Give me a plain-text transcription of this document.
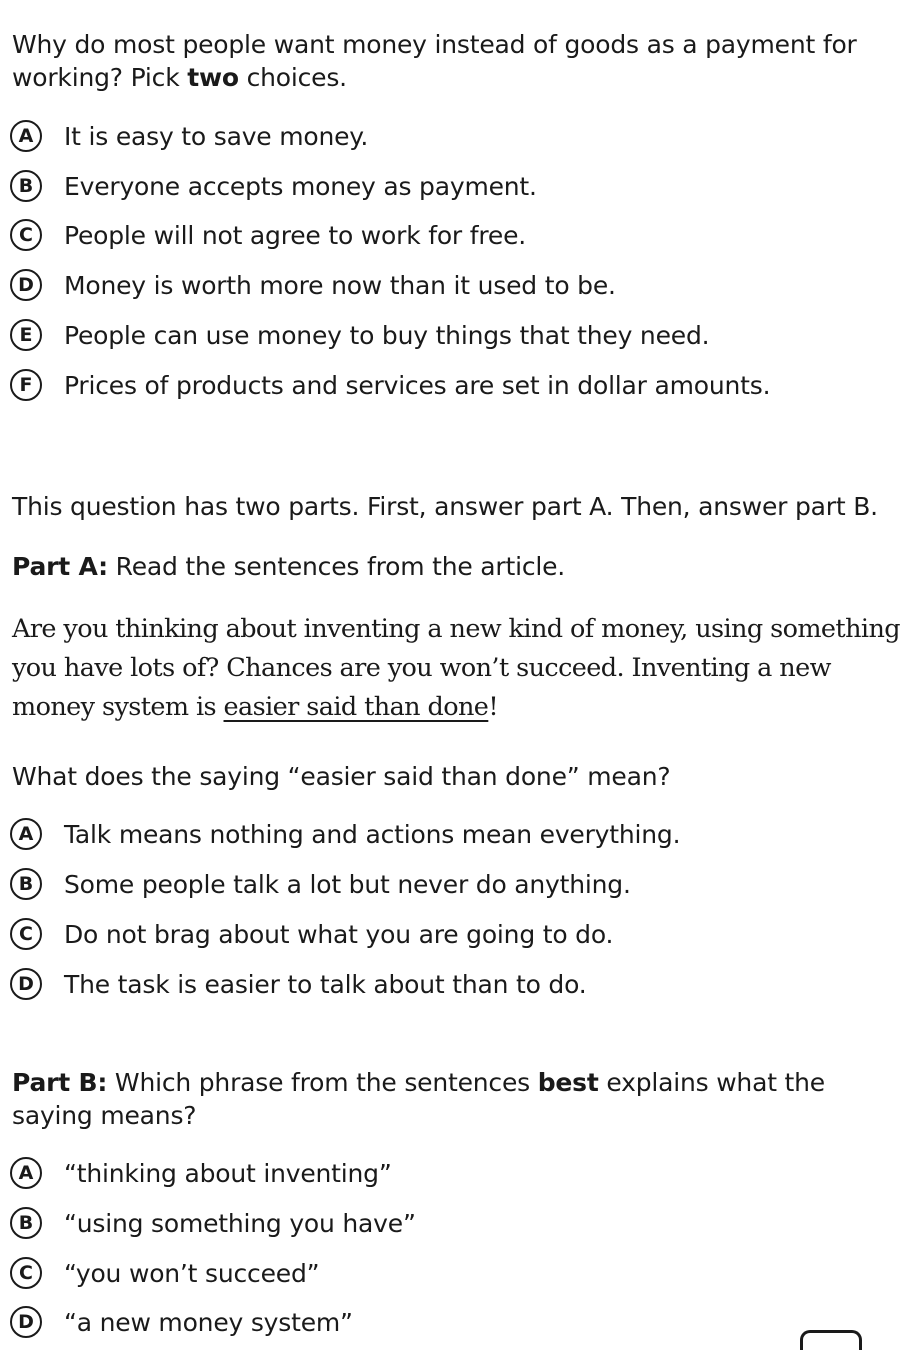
Why do most people want money instead of goods as a payment for working? Pick two choices.

A	It is easy to save money.
B	Everyone accepts money as payment.
C	People will not agree to work for free.
D	Money is worth more now than it used to be.
E	People can use money to buy things that they need.
F	Prices of products and services are set in dollar amounts.

This question has two parts. First, answer part A. Then, answer part B.

Part A: Read the sentences from the article.

Are you thinking about inventing a new kind of money, using something you have lots of? Chances are you won’t succeed. Inventing a new money system is easier said than done!

What does the saying “easier said than done” mean?

A	Talk means nothing and actions mean everything.
B	Some people talk a lot but never do anything.
C	Do not brag about what you are going to do.
D	The task is easier to talk about than to do.

Part B: Which phrase from the sentences best explains what the saying means?

A	“thinking about inventing”
B	“using something you have”
C	“you won’t succeed”
D	“a new money system”
